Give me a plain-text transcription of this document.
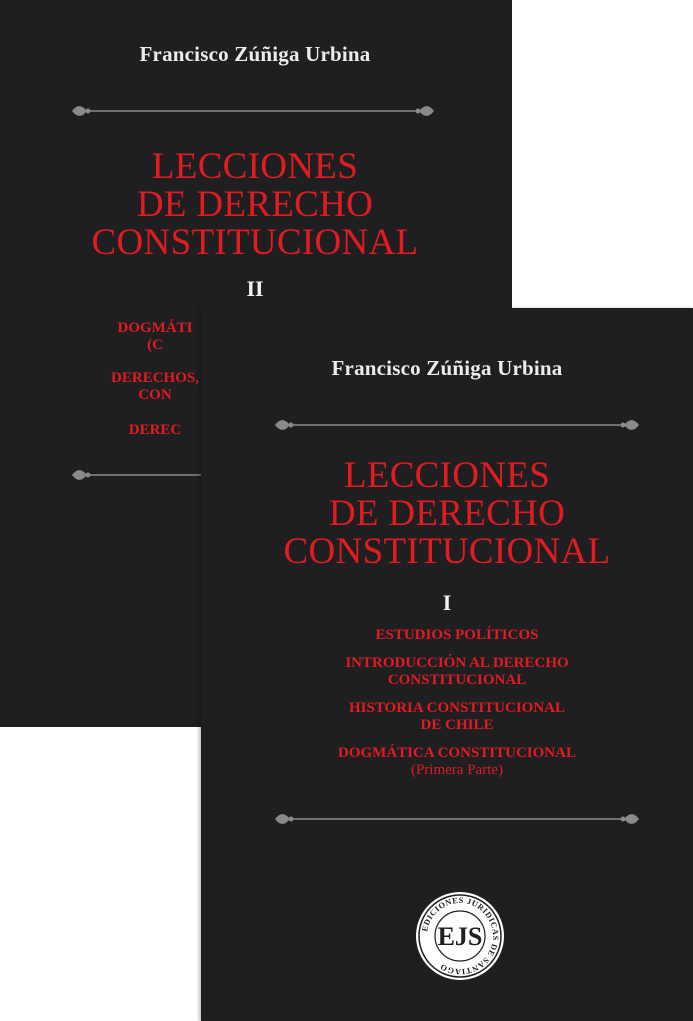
Francisco Zúñiga Urbina
LECCIONES
DE DERECHO
CONSTITUCIONAL
II
DOGMÁTI
(C
DERECHOS,
CON
DEREC
Francisco Zúñiga Urbina
LECCIONES
DE DERECHO
CONSTITUCIONAL
I
ESTUDIOS POLÍTICOS
INTRODUCCIÓN AL DERECHO
CONSTITUCIONAL
HISTORIA CONSTITUCIONAL
DE CHILE
DOGMÁTICA CONSTITUCIONAL
(Primera Parte)
EDICIONES JURIDICAS DE SANTIAGO
EJS
